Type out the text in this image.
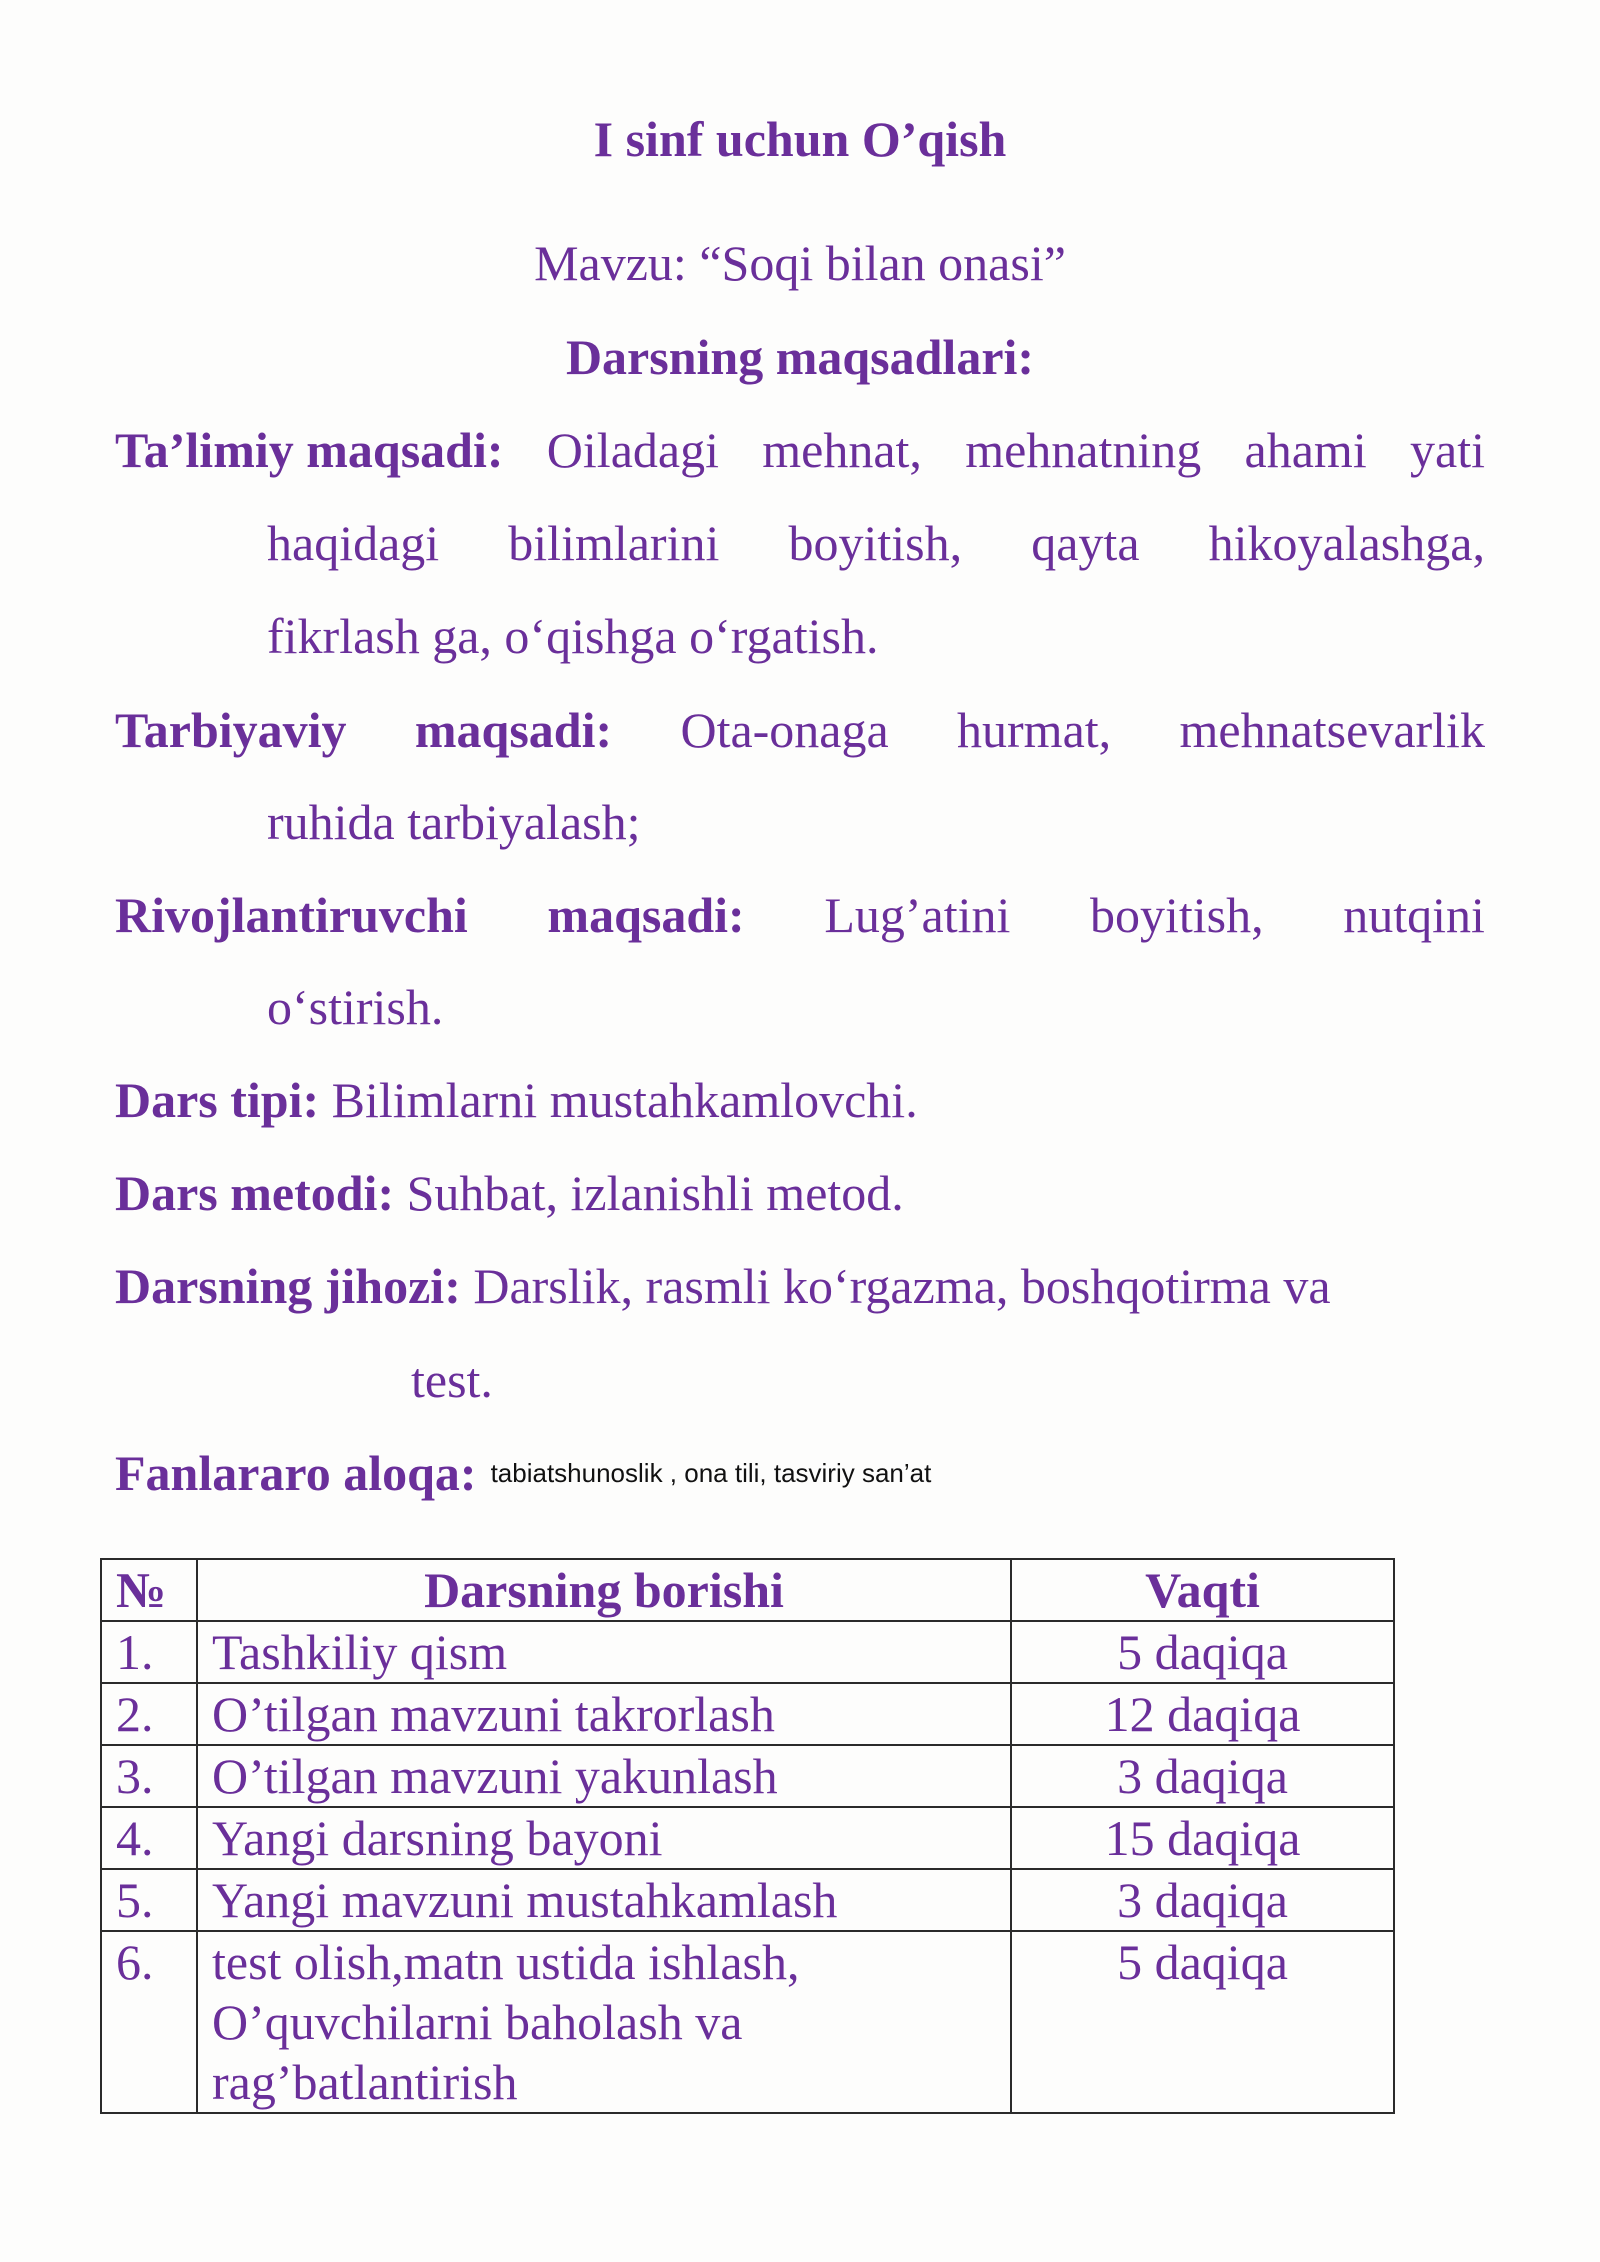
I sinf uchun O’qish
Mavzu: “Soqi bilan onasi”
Darsning maqsadlari:
Ta’limiy maqsadi: Oiladagi mehnat, mehnatning ahami yati
haqidagi bilimlarini boyitish, qayta hikoyalashga,
fikrlash ga, o‘qishga o‘rgatish.
Tarbiyaviy maqsadi: Ota-onaga hurmat, mehnatsevarlik
ruhida tarbiyalash;
Rivojlantiruvchi maqsadi: Lug’atini boyitish, nutqini
o‘stirish.
Dars tipi: Bilimlarni mustahkamlovchi.
Dars metodi: Suhbat, izlanishli metod.
Darsning jihozi: Darslik, rasmli ko‘rgazma, boshqotirma va
test.
Fanlararo aloqa: tabiatshunoslik , ona tili, tasviriy san’at
№	Darsning borishi	Vaqti
1.	Tashkiliy qism	5 daqiqa
2.	O’tilgan mavzuni takrorlash	12 daqiqa
3.	O’tilgan mavzuni yakunlash	3 daqiqa
4.	Yangi darsning bayoni	15 daqiqa
5.	Yangi mavzuni mustahkamlash	3 daqiqa
6.	test olish,matn ustida ishlash,
O’quvchilarni baholash va
rag’batlantirish	5 daqiqa
